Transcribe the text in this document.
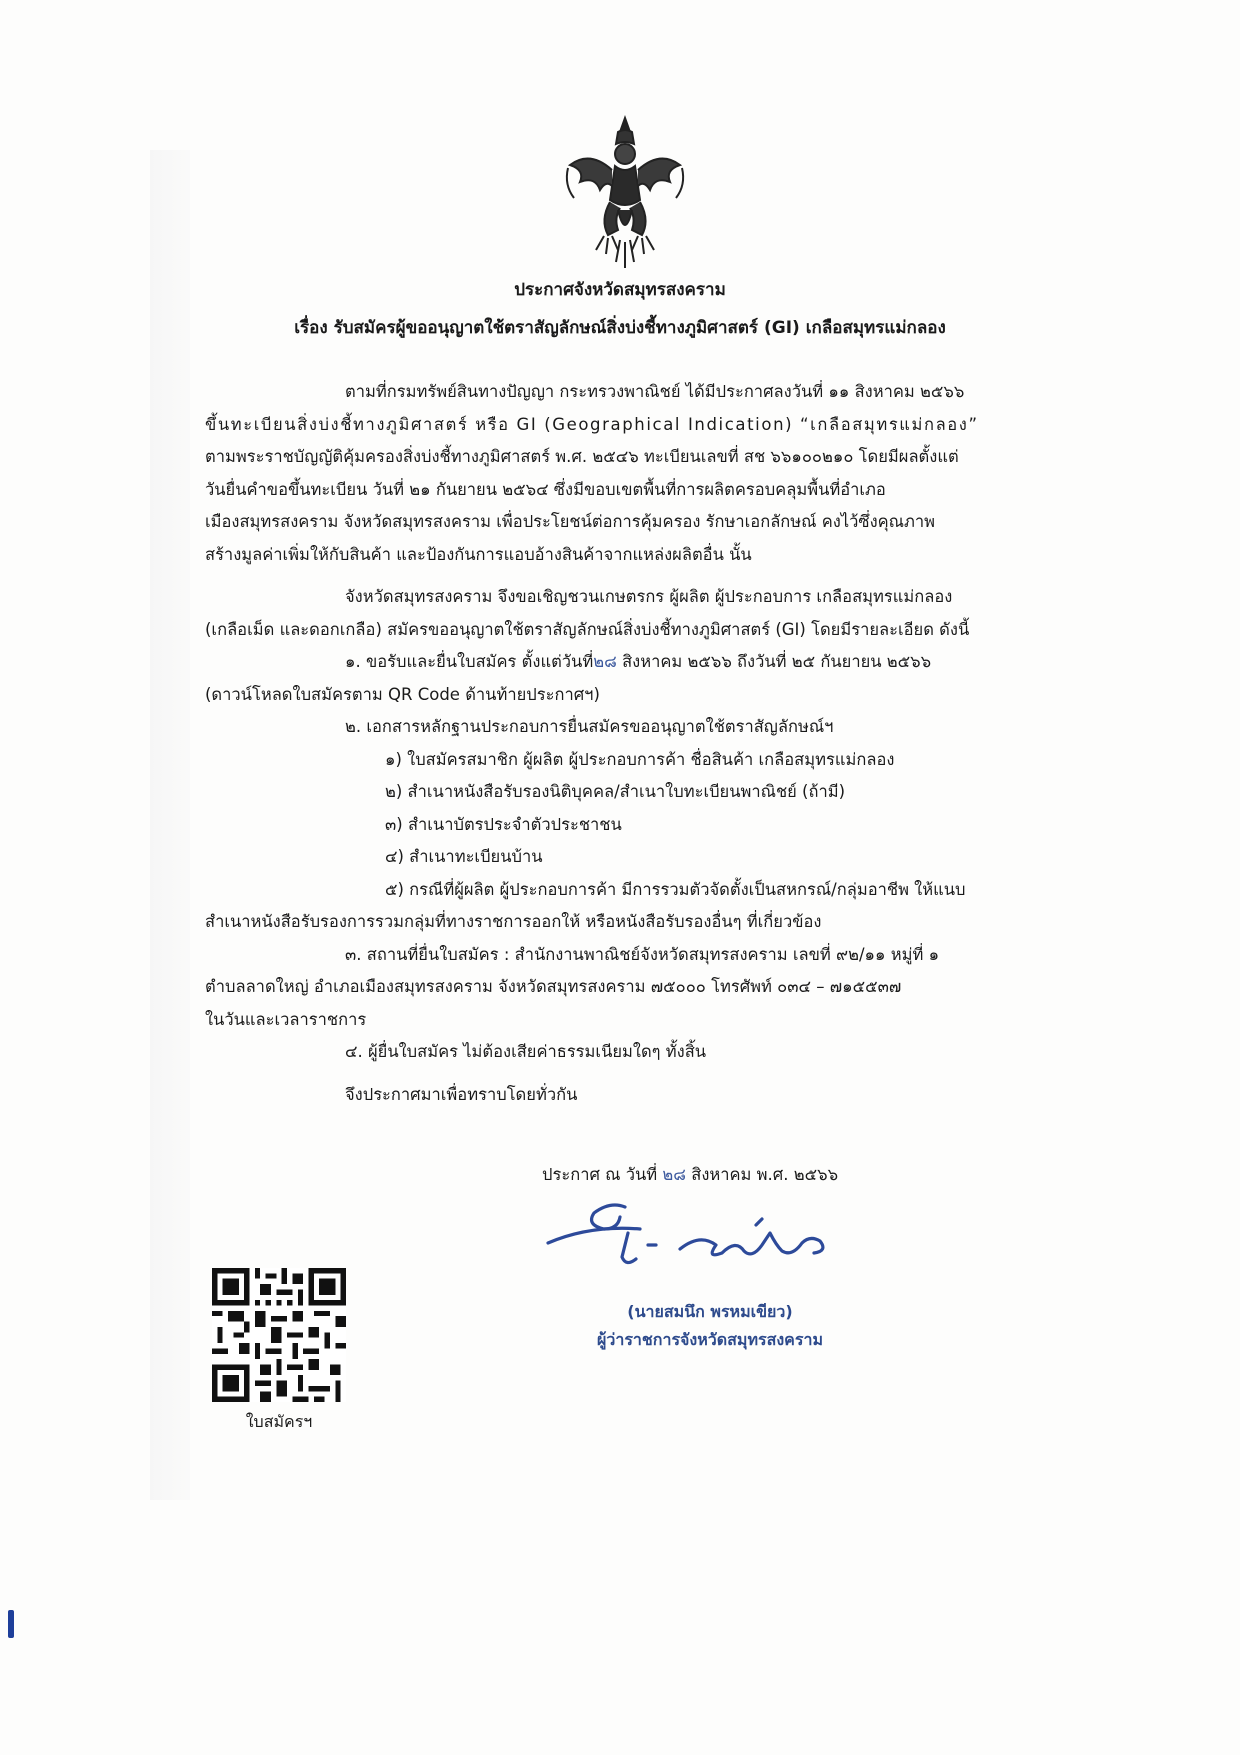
ประกาศจังหวัดสมุทรสงคราม
เรื่อง รับสมัครผู้ขออนุญาตใช้ตราสัญลักษณ์สิ่งบ่งชี้ทางภูมิศาสตร์ (GI) เกลือสมุทรแม่กลอง

ตามที่กรมทรัพย์สินทางปัญญา กระทรวงพาณิชย์ ได้มีประกาศลงวันที่ ๑๑ สิงหาคม ๒๕๖๖

ขึ้นทะเบียนสิ่งบ่งชี้ทางภูมิศาสตร์ หรือ GI (Geographical Indication) “เกลือสมุทรแม่กลอง”

ตามพระราชบัญญัติคุ้มครองสิ่งบ่งชี้ทางภูมิศาสตร์ พ.ศ. ๒๕๔๖ ทะเบียนเลขที่ สช ๖๖๑๐๐๒๑๐ โดยมีผลตั้งแต่

วันยื่นคำขอขึ้นทะเบียน วันที่ ๒๑ กันยายน ๒๕๖๔ ซึ่งมีขอบเขตพื้นที่การผลิตครอบคลุมพื้นที่อำเภอ

เมืองสมุทรสงคราม จังหวัดสมุทรสงคราม เพื่อประโยชน์ต่อการคุ้มครอง รักษาเอกลักษณ์ คงไว้ซึ่งคุณภาพ

สร้างมูลค่าเพิ่มให้กับสินค้า และป้องกันการแอบอ้างสินค้าจากแหล่งผลิตอื่น นั้น

จังหวัดสมุทรสงคราม จึงขอเชิญชวนเกษตรกร ผู้ผลิต ผู้ประกอบการ เกลือสมุทรแม่กลอง

(เกลือเม็ด และดอกเกลือ) สมัครขออนุญาตใช้ตราสัญลักษณ์สิ่งบ่งชี้ทางภูมิศาสตร์ (GI) โดยมีรายละเอียด ดังนี้

๑. ขอรับและยื่นใบสมัคร ตั้งแต่วันที่๒๘ สิงหาคม ๒๕๖๖ ถึงวันที่ ๒๕ กันยายน ๒๕๖๖

(ดาวน์โหลดใบสมัครตาม QR Code ด้านท้ายประกาศฯ)

๒. เอกสารหลักฐานประกอบการยื่นสมัครขออนุญาตใช้ตราสัญลักษณ์ฯ

๑) ใบสมัครสมาชิก ผู้ผลิต ผู้ประกอบการค้า ชื่อสินค้า เกลือสมุทรแม่กลอง

๒) สำเนาหนังสือรับรองนิติบุคคล/สำเนาใบทะเบียนพาณิชย์ (ถ้ามี)

๓) สำเนาบัตรประจำตัวประชาชน

๔) สำเนาทะเบียนบ้าน

๕) กรณีที่ผู้ผลิต ผู้ประกอบการค้า มีการรวมตัวจัดตั้งเป็นสหกรณ์/กลุ่มอาชีพ ให้แนบ

สำเนาหนังสือรับรองการรวมกลุ่มที่ทางราชการออกให้ หรือหนังสือรับรองอื่นๆ ที่เกี่ยวข้อง

๓. สถานที่ยื่นใบสมัคร : สำนักงานพาณิชย์จังหวัดสมุทรสงคราม เลขที่ ๙๒/๑๑ หมู่ที่ ๑

ตำบลลาดใหญ่ อำเภอเมืองสมุทรสงคราม จังหวัดสมุทรสงคราม ๗๕๐๐๐ โทรศัพท์ ๐๓๔ – ๗๑๕๕๓๗

ในวันและเวลาราชการ

๔. ผู้ยื่นใบสมัคร ไม่ต้องเสียค่าธรรมเนียมใดๆ ทั้งสิ้น

จึงประกาศมาเพื่อทราบโดยทั่วกัน

ประกาศ ณ วันที่ ๒๘ สิงหาคม พ.ศ. ๒๕๖๖
(นายสมนึก พรหมเขียว)
ผู้ว่าราชการจังหวัดสมุทรสงคราม
ใบสมัครฯ
